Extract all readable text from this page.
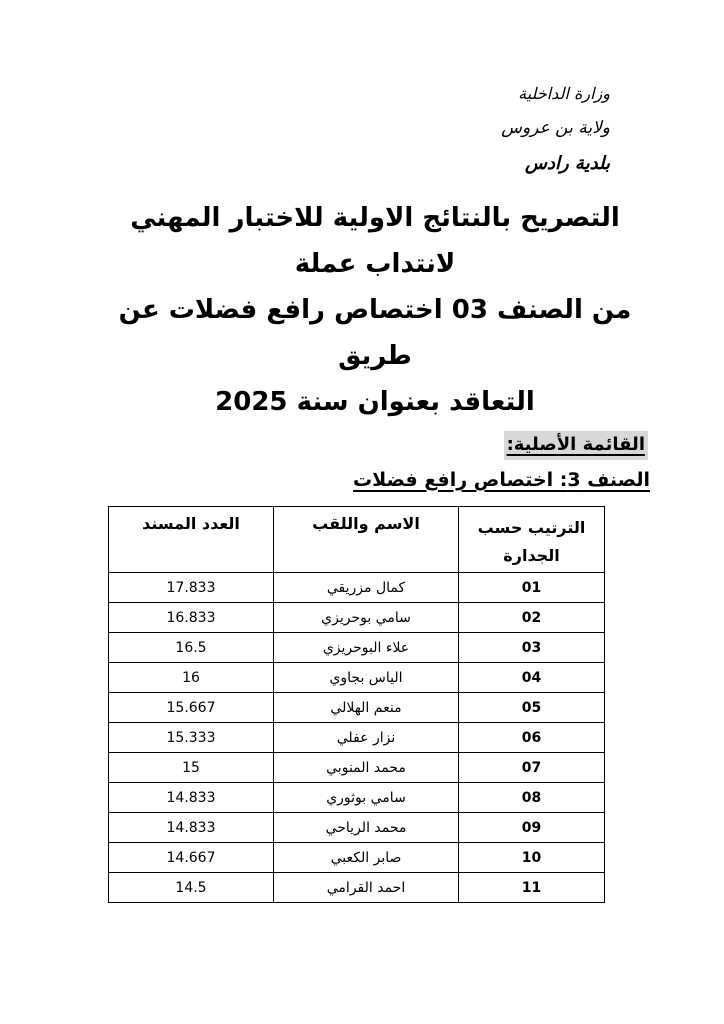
وزارة الداخلية
ولاية بن عروس
بلدية رادس
التصريح بالنتائج الاولية للاختبار المهني لانتداب عملة
من الصنف 03 اختصاص رافع فضلات عن طريق
التعاقد بعنوان سنة 2025
القائمة الأصلية:
الصنف 3: اختصاص رافع فضلات
الترتيب حسب
الجدارة	الاسم واللقب	العدد المسند
01	كمال مزريقي	17.833
02	سامي بوحريزي	16.833
03	علاء البوحريزي	16.5
04	الياس بجاوي	16
05	منعم الهلالي	15.667
06	نزار عفلي	15.333
07	محمد المنوبي	15
08	سامي بوثوري	14.833
09	محمد الرياحي	14.833
10	صابر الكعبي	14.667
11	احمد القرامي	14.5
